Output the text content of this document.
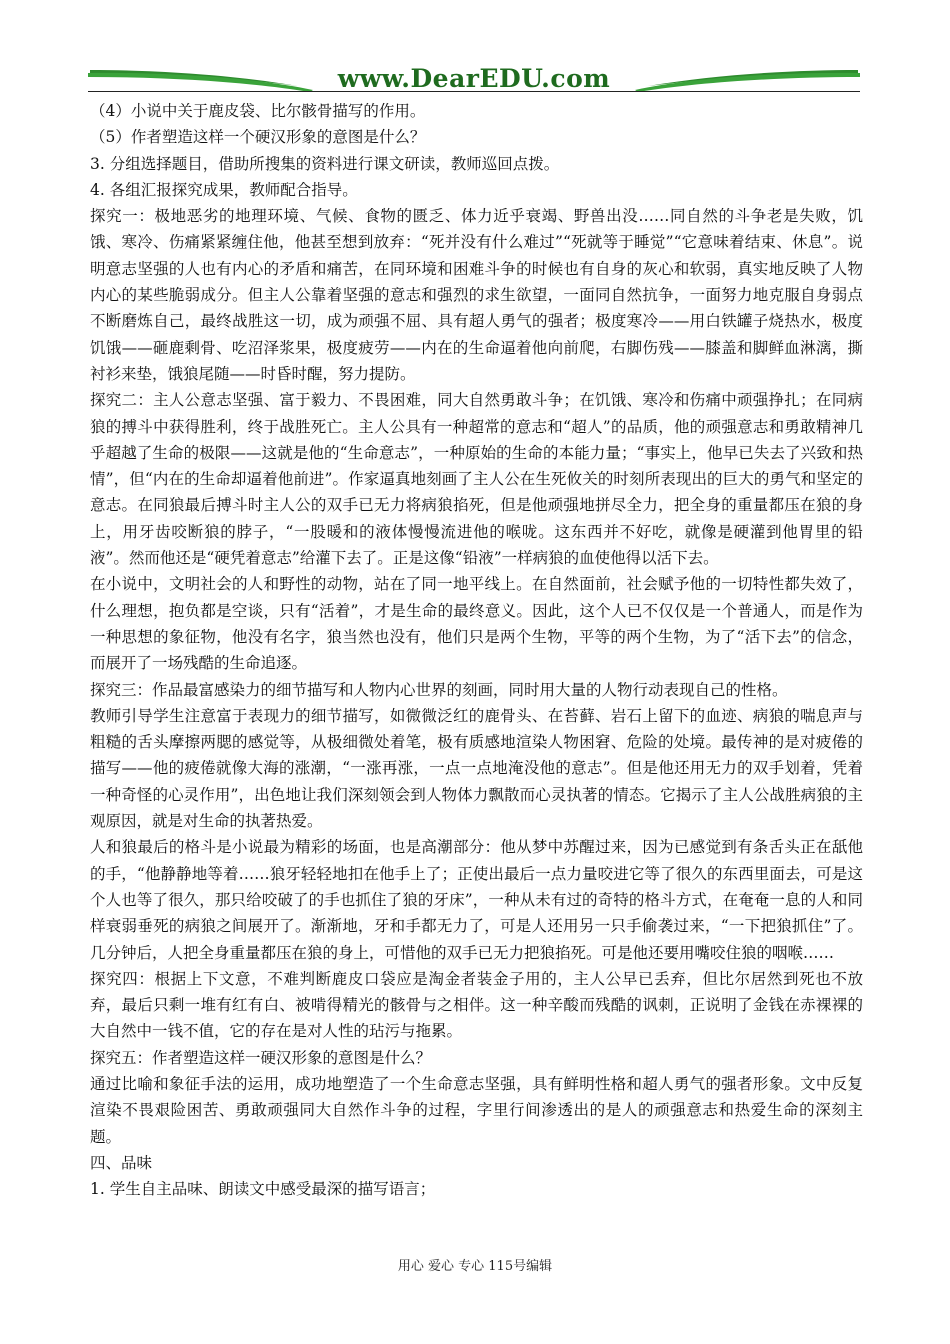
www.DearEDU.com

（4）小说中关于鹿皮袋、比尔骸骨描写的作用。

（5）作者塑造这样一个硬汉形象的意图是什么？

3. 分组选择题目，借助所搜集的资料进行课文研读，教师巡回点拨。

4. 各组汇报探究成果，教师配合指导。

探究一：极地恶劣的地理环境、气候、食物的匮乏、体力近乎衰竭、野兽出没……同自然的斗争老是失败，饥饿、寒冷、伤痛紧紧缠住他，他甚至想到放弃：“死并没有什么难过”“死就等于睡觉”“它意味着结束、休息”。说明意志坚强的人也有内心的矛盾和痛苦，在同环境和困难斗争的时候也有自身的灰心和软弱，真实地反映了人物内心的某些脆弱成分。但主人公靠着坚强的意志和强烈的求生欲望，一面同自然抗争，一面努力地克服自身弱点不断磨炼自己，最终战胜这一切，成为顽强不屈、具有超人勇气的强者；极度寒冷——用白铁罐子烧热水，极度饥饿——砸鹿剩骨、吃沼泽浆果，极度疲劳——内在的生命逼着他向前爬，右脚伤残——膝盖和脚鲜血淋漓，撕衬衫来垫，饿狼尾随——时昏时醒，努力提防。

探究二：主人公意志坚强、富于毅力、不畏困难，同大自然勇敢斗争；在饥饿、寒冷和伤痛中顽强挣扎；在同病狼的搏斗中获得胜利，终于战胜死亡。主人公具有一种超常的意志和“超人”的品质，他的顽强意志和勇敢精神几乎超越了生命的极限——这就是他的“生命意志”，一种原始的生命的本能力量；“事实上，他早已失去了兴致和热情”，但“内在的生命却逼着他前进”。作家逼真地刻画了主人公在生死攸关的时刻所表现出的巨大的勇气和坚定的意志。在同狼最后搏斗时主人公的双手已无力将病狼掐死，但是他顽强地拼尽全力，把全身的重量都压在狼的身上，用牙齿咬断狼的脖子，“一股暖和的液体慢慢流进他的喉咙。这东西并不好吃，就像是硬灌到他胃里的铅液”。然而他还是“硬凭着意志”给灌下去了。正是这像“铅液”一样病狼的血使他得以活下去。

在小说中，文明社会的人和野性的动物，站在了同一地平线上。在自然面前，社会赋予他的一切特性都失效了，什么理想，抱负都是空谈，只有“活着”，才是生命的最终意义。因此，这个人已不仅仅是一个普通人，而是作为一种思想的象征物，他没有名字，狼当然也没有，他们只是两个生物，平等的两个生物，为了“活下去”的信念，而展开了一场残酷的生命追逐。

探究三：作品最富感染力的细节描写和人物内心世界的刻画，同时用大量的人物行动表现自己的性格。

教师引导学生注意富于表现力的细节描写，如微微泛红的鹿骨头、在苔藓、岩石上留下的血迹、病狼的喘息声与粗糙的舌头摩擦两腮的感觉等，从极细微处着笔，极有质感地渲染人物困窘、危险的处境。最传神的是对疲倦的描写——他的疲倦就像大海的涨潮，“一涨再涨，一点一点地淹没他的意志”。但是他还用无力的双手划着，凭着一种奇怪的心灵作用”，出色地让我们深刻领会到人物体力飘散而心灵执著的情态。它揭示了主人公战胜病狼的主观原因，就是对生命的执著热爱。

人和狼最后的格斗是小说最为精彩的场面，也是高潮部分：他从梦中苏醒过来，因为已感觉到有条舌头正在舐他的手，“他静静地等着……狼牙轻轻地扣在他手上了；正使出最后一点力量咬进它等了很久的东西里面去，可是这个人也等了很久，那只给咬破了的手也抓住了狼的牙床”，一种从未有过的奇特的格斗方式，在奄奄一息的人和同样衰弱垂死的病狼之间展开了。渐渐地，牙和手都无力了，可是人还用另一只手偷袭过来，“一下把狼抓住”了。几分钟后，人把全身重量都压在狼的身上，可惜他的双手已无力把狼掐死。可是他还要用嘴咬住狼的咽喉……

探究四：根据上下文意，不难判断鹿皮口袋应是淘金者装金子用的，主人公早已丢弃，但比尔居然到死也不放弃，最后只剩一堆有红有白、被啃得精光的骸骨与之相伴。这一种辛酸而残酷的讽刺，正说明了金钱在赤裸裸的大自然中一钱不值，它的存在是对人性的玷污与拖累。

探究五：作者塑造这样一硬汉形象的意图是什么？

通过比喻和象征手法的运用，成功地塑造了一个生命意志坚强，具有鲜明性格和超人勇气的强者形象。文中反复渲染不畏艰险困苦、勇敢顽强同大自然作斗争的过程，字里行间渗透出的是人的顽强意志和热爱生命的深刻主题。

四、品味

1. 学生自主品味、朗读文中感受最深的描写语言；

用心 爱心 专心 115号编辑
